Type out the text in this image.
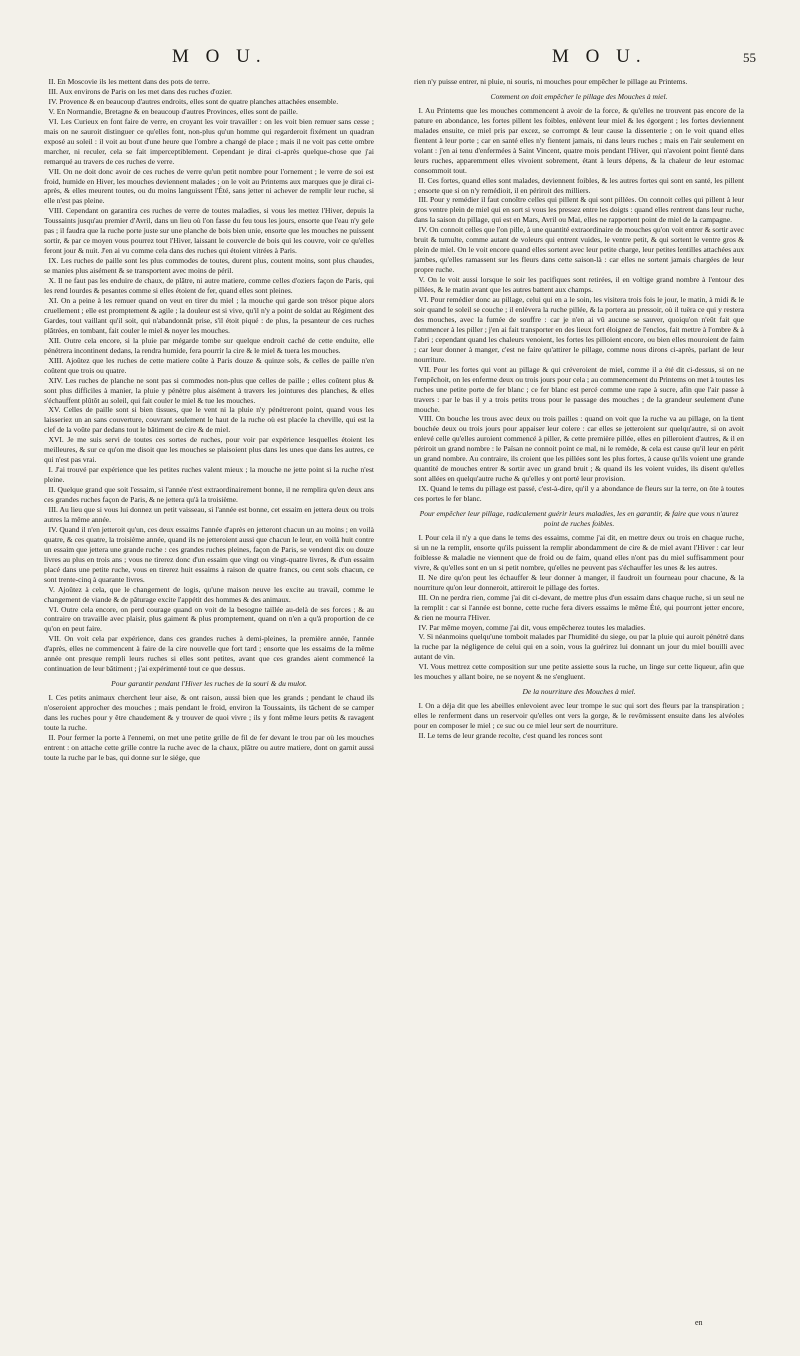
M O U.	M O U.	55

II. En Moscovie ils les mettent dans des pots de terre.

III. Aux environs de Paris on les met dans des ruches d'ozier.

IV. Provence & en beaucoup d'autres endroits, elles sont de quatre planches attachées ensemble.

V. En Normandie, Bretagne & en beaucoup d'autres Provinces, elles sont de paille.

VI. Les Curieux en font faire de verre, en croyant les voir travailler : on les voit bien remuer sans cesse ; mais on ne sauroit distinguer ce qu'elles font, non-plus qu'un homme qui regarderoit fixément un quadran exposé au soleil : il voit au bout d'une heure que l'ombre a changé de place ; mais il ne voit pas cette ombre marcher, ni reculer, cela se fait imperceptiblement. Cependant je dirai ci-après quelque-chose que j'ai remarqué au travers de ces ruches de verre.

VII. On ne doit donc avoir de ces ruches de verre qu'un petit nombre pour l'ornement ; le verre de soi est froid, humide en Hiver, les mouches deviennent malades ; on le voit au Printems aux marques que je dirai ci-après, & elles meurent toutes, ou du moins languissent l'Été, sans jetter ni achever de remplir leur ruche, si elle n'est pas pleine.

VIII. Cependant on garantira ces ruches de verre de toutes maladies, si vous les mettez l'Hiver, depuis la Toussaints jusqu'au premier d'Avril, dans un lieu où l'on fasse du feu tous les jours, ensorte que l'eau n'y gele pas ; il faudra que la ruche porte juste sur une planche de bois bien unie, ensorte que les mouches ne puissent sortir, & par ce moyen vous pourrez tout l'Hiver, laissant le couvercle de bois qui les couvre, voir ce qu'elles feront jour & nuit. J'en ai vu comme cela dans des ruches qui étoient vitrées à Paris.

IX. Les ruches de paille sont les plus commodes de toutes, durent plus, coutent moins, sont plus chaudes, se manies plus aisément & se transportent avec moins de péril.

X. Il ne faut pas les enduire de chaux, de plâtre, ni autre matiere, comme celles d'oziers façon de Paris, qui les rend lourdes & pesantes comme si elles étoient de fer, quand elles sont pleines.

XI. On a peine à les remuer quand on veut en tirer du miel ; la mouche qui garde son trésor pique alors cruellement ; elle est promptement & agile ; la douleur est si vive, qu'il n'y a point de soldat au Régiment des Gardes, tout vaillant qu'il soit, qui n'abandonnât prise, s'il étoit piqué : de plus, la pesanteur de ces ruches plâtrées, en tombant, fait couler le miel & noyer les mouches.

XII. Outre cela encore, si la pluie par mégarde tombe sur quelque endroit caché de cette enduite, elle pénétrera incontinent dedans, la rendra humide, fera pourrir la cire & le miel & tuera les mouches.

XIII. Ajoûtez que les ruches de cette matiere coûte à Paris douze & quinze sols, & celles de paille n'en coûtent que trois ou quatre.

XIV. Les ruches de planche ne sont pas si commodes non-plus que celles de paille ; elles coûtent plus & sont plus difficiles à manier, la pluie y pénètre plus aisément à travers les jointures des planches, & elles s'échauffent plûtôt au soleil, qui fait couler le miel & tue les mouches.

XV. Celles de paille sont si bien tissues, que le vent ni la pluie n'y pénétreront point, quand vous les laisseriez un an sans couverture, couvrant seulement le haut de la ruche où est placée la cheville, qui est la clef de la voûte par dedans tout le bâtiment de cire & de miel.

XVI. Je me suis servi de toutes ces sortes de ruches, pour voir par expérience lesquelles étoient les meilleures, & sur ce qu'on me disoit que les mouches se plaisoient plus dans les unes que dans les autres, ce qui n'est pas vrai.

I. J'ai trouvé par expérience que les petites ruches valent mieux ; la mouche ne jette point si la ruche n'est pleine.

II. Quelque grand que soit l'essaim, si l'année n'est extraordinairement bonne, il ne remplira qu'en deux ans ces grandes ruches façon de Paris, & ne jettera qu'à la troisième.

III. Au lieu que si vous lui donnez un petit vaisseau, si l'année est bonne, cet essaim en jettera deux ou trois autres la même année.

IV. Quand il n'en jetteroit qu'un, ces deux essaims l'année d'après en jetteront chacun un au moins ; en voilà quatre, & ces quatre, la troisième année, quand ils ne jetteroient aussi que chacun le leur, en voilà huit contre un essaim que jettera une grande ruche : ces grandes ruches pleines, façon de Paris, se vendent dix ou douze livres au plus en trois ans ; vous ne tirerez donc d'un essaim que vingt ou vingt-quatre livres, & d'un essaim placé dans une petite ruche, vous en tirerez huit essaims à raison de quatre francs, ou cent sols chacun, ce sont trente-cinq à quarante livres.

V. Ajoûtez à cela, que le changement de logis, qu'une maison neuve les excite au travail, comme le changement de viande & de pâturage excite l'appétit des hommes & des animaux.

VI. Outre cela encore, on perd courage quand on voit de la besogne taillée au-delà de ses forces ; & au contraire on travaille avec plaisir, plus gaiment & plus promptement, quand on n'en a qu'à proportion de ce qu'on en peut faire.

VII. On voit cela par expérience, dans ces grandes ruches à demi-pleines, la première année, l'année d'après, elles ne commencent à faire de la cire nouvelle que fort tard ; ensorte que les essaims de la même année ont presque rempli leurs ruches si elles sont petites, avant que ces grandes aient commencé la continuation de leur bâtiment ; j'ai expérimenté tout ce que dessus.

Pour garantir pendant l'Hiver les ruches de la souri & du mulot.

I. Ces petits animaux cherchent leur aise, & ont raison, aussi bien que les grands ; pendant le chaud ils n'oseroient approcher des mouches ; mais pendant le froid, environ la Toussaints, ils tâchent de se camper dans les ruches pour y être chaudement & y trouver de quoi vivre ; ils y font même leurs petits & ravagent toute la ruche.

II. Pour fermer la porte à l'ennemi, on met une petite grille de fil de fer devant le trou par où les mouches entrent : on attache cette grille contre la ruche avec de la chaux, plâtre ou autre matiere, dont on garnit aussi toute la ruche par le bas, qui donne sur le siége, que

rien n'y puisse entrer, ni pluie, ni souris, ni mouches pour empêcher le pillage au Printems.

Comment on doit empêcher le pillage des Mouches à miel.

I. Au Printems que les mouches commencent à avoir de la force, & qu'elles ne trouvent pas encore de la pature en abondance, les fortes pillent les foibles, enlèvent leur miel & les égorgent ; les fortes deviennent malades ensuite, ce miel pris par excez, se corrompt & leur cause la dissenterie ; on le voit quand elles fientent à leur porte ; car en santé elles n'y fientent jamais, ni dans leurs ruches ; mais en l'air seulement en volant : j'en ai tenu d'enfermées à Saint Vincent, quatre mois pendant l'Hiver, qui n'avoient point fienté dans leurs ruches, apparemment elles vivoient sobrement, étant à leurs dépens, & la chaleur de leur estomac consommoit tout.

II. Ces fortes, quand elles sont malades, deviennent foibles, & les autres fortes qui sont en santé, les pillent ; ensorte que si on n'y remédioit, il en périroit des milliers.

III. Pour y remédier il faut conoître celles qui pillent & qui sont pillées. On connoit celles qui pillent à leur gros ventre plein de miel qui en sort si vous les pressez entre les doigts : quand elles rentrent dans leur ruche, dans la saison du pillage, qui est en Mars, Avril ou Mai, elles ne rapportent point de miel de la campagne.

IV. On connoit celles que l'on pille, à une quantité extraordinaire de mouches qu'on voit entrer & sortir avec bruit & tumulte, comme autant de voleurs qui entrent vuides, le ventre petit, & qui sortent le ventre gros & plein de miel. On le voit encore quand elles sortent avec leur petite charge, leur petites lentilles attachées aux jambes, qu'elles ramassent sur les fleurs dans cette saison-là : car elles ne sortent jamais chargées de leur propre ruche.

V. On le voit aussi lorsque le soir les pacifiques sont retirées, il en voltige grand nombre à l'entour des pillées, & le matin avant que les autres battent aux champs.

VI. Pour remédier donc au pillage, celui qui en a le soin, les visitera trois fois le jour, le matin, à midi & le soir quand le soleil se couche ; il enlèvera la ruche pillée, & la portera au pressoir, où il tuëra ce qui y restera des mouches, avec la fumée de souffre : car je n'en ai vû aucune se sauver, quoiqu'on n'eût fait que commencer à les piller ; j'en ai fait transporter en des lieux fort éloignez de l'enclos, fait mettre à l'ombre & à l'abri ; cependant quand les chaleurs venoient, les fortes les pilloient encore, ou bien elles mouroient de faim ; car leur donner à manger, c'est ne faire qu'attirer le pillage, comme nous dirons ci-après, parlant de leur nourriture.

VII. Pour les fortes qui vont au pillage & qui créveroient de miel, comme il a été dit ci-dessus, si on ne l'empêchoit, on les enferme deux ou trois jours pour cela ; au commencement du Printems on met à toutes les ruches une petite porte de fer blanc ; ce fer blanc est percé comme une rape à sucre, afin que l'air passe à travers : par le bas il y a trois petits trous pour le passage des mouches ; de la grandeur seulement d'une mouche.

VIII. On bouche les trous avec deux ou trois pailles : quand on voit que la ruche va au pillage, on la tient bouchée deux ou trois jours pour appaiser leur colere : car elles se jetteroient sur quelqu'autre, si on avoit enlevé celle qu'elles auroient commencé à piller, & cette première pillée, elles en pilleroient d'autres, & il en périroit un grand nombre : le Païsan ne connoit point ce mal, ni le remède, & cela est cause qu'il leur en périt un grand nombre. Au contraire, ils croient que les pillées sont les plus fortes, à cause qu'ils voient une grande quantité de mouches entrer & sortir avec un grand bruit ; & quand ils les voient vuides, ils disent qu'elles sont allées en quelqu'autre ruche & qu'elles y ont porté leur provision.

IX. Quand le tems du pillage est passé, c'est-à-dire, qu'il y a abondance de fleurs sur la terre, on ôte à toutes ces portes le fer blanc.

Pour empêcher leur pillage, radicalement guérir leurs maladies, les en garantir, & faire que vous n'aurez point de ruches foibles.

I. Pour cela il n'y a que dans le tems des essaims, comme j'ai dit, en mettre deux ou trois en chaque ruche, si un ne la remplit, ensorte qu'ils puissent la remplir abondamment de cire & de miel avant l'Hiver : car leur foiblesse & maladie ne viennent que de froid ou de faim, quand elles n'ont pas du miel suffisamment pour vivre, & qu'elles sont en un si petit nombre, qu'elles ne peuvent pas s'échauffer les unes & les autres.

II. Ne dire qu'on peut les échauffer & leur donner à manger, il faudroit un fourneau pour chacune, & la nourriture qu'on leur donneroit, attireroit le pillage des fortes.

III. On ne perdra rien, comme j'ai dit ci-devant, de mettre plus d'un essaim dans chaque ruche, si un seul ne la remplit : car si l'année est bonne, cette ruche fera divers essaims le même Été, qui pourront jetter encore, & rien ne mourra l'Hiver.

IV. Par même moyen, comme j'ai dit, vous empêcherez toutes les maladies.

V. Si néanmoins quelqu'une tomboit malades par l'humidité du siege, ou par la pluie qui auroit pénétré dans la ruche par la négligence de celui qui en a soin, vous la guérirez lui donnant un jour du miel bouilli avec autant de vin.

VI. Vous mettrez cette composition sur une petite assiette sous la ruche, un linge sur cette liqueur, afin que les mouches y allant boire, ne se noyent & ne s'engluent.

De la nourriture des Mouches à miel.

I. On a déja dit que les abeilles enlevoient avec leur trompe le suc qui sort des fleurs par la transpiration ; elles le renferment dans un reservoir qu'elles ont vers la gorge, & le revômissent ensuite dans les alvéoles pour en composer le miel ; ce suc ou ce miel leur sert de nourriture.

II. Le tems de leur grande recolte, c'est quand les ronces sont

en
